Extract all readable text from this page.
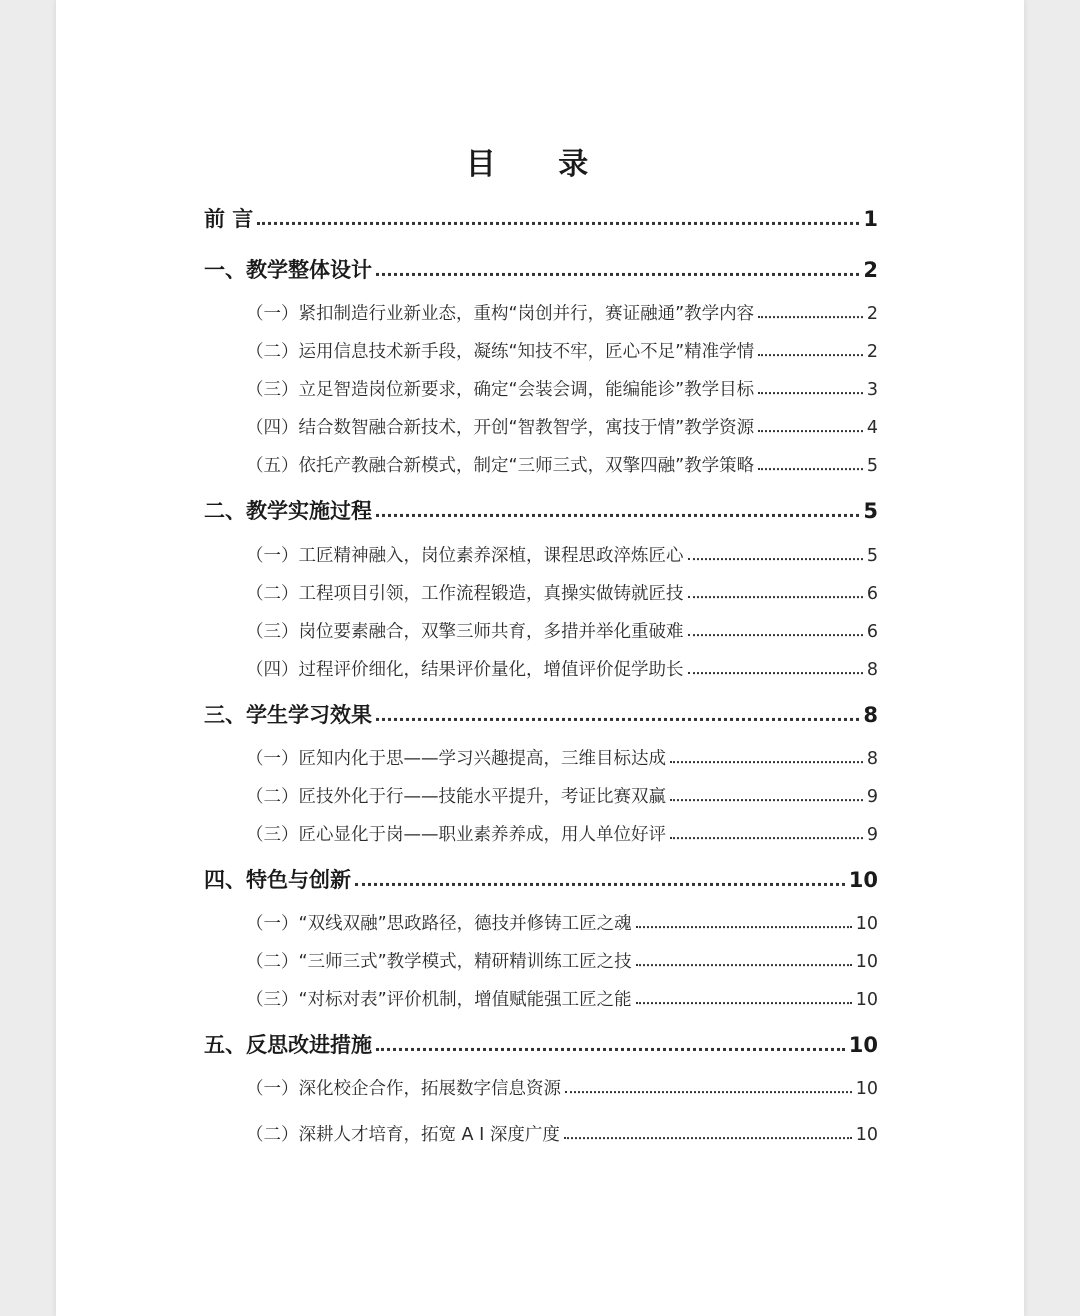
目 录
前 言	1
一、教学整体设计	2
（一）紧扣制造行业新业态，重构“岗创并行，赛证融通”教学内容	2
（二）运用信息技术新手段，凝练“知技不牢，匠心不足”精准学情	2
（三）立足智造岗位新要求，确定“会装会调，能编能诊”教学目标	3
（四）结合数智融合新技术，开创“智教智学，寓技于情”教学资源	4
（五）依托产教融合新模式，制定“三师三式，双擎四融”教学策略	5
二、教学实施过程	5
（一）工匠精神融入，岗位素养深植，课程思政淬炼匠心	5
（二）工程项目引领，工作流程锻造，真操实做铸就匠技	6
（三）岗位要素融合，双擎三师共育，多措并举化重破难	6
（四）过程评价细化，结果评价量化，增值评价促学助长	8
三、学生学习效果	8
（一）匠知内化于思——学习兴趣提高，三维目标达成	8
（二）匠技外化于行——技能水平提升，考证比赛双赢	9
（三）匠心显化于岗——职业素养养成，用人单位好评	9
四、特色与创新	10
（一）“双线双融”思政路径，德技并修铸工匠之魂	10
（二）“三师三式”教学模式，精研精训练工匠之技	10
（三）“对标对表”评价机制，增值赋能强工匠之能	10
五、反思改进措施	10
（一）深化校企合作，拓展数字信息资源	10
（二）深耕人才培育，拓宽 A I 深度广度	10
